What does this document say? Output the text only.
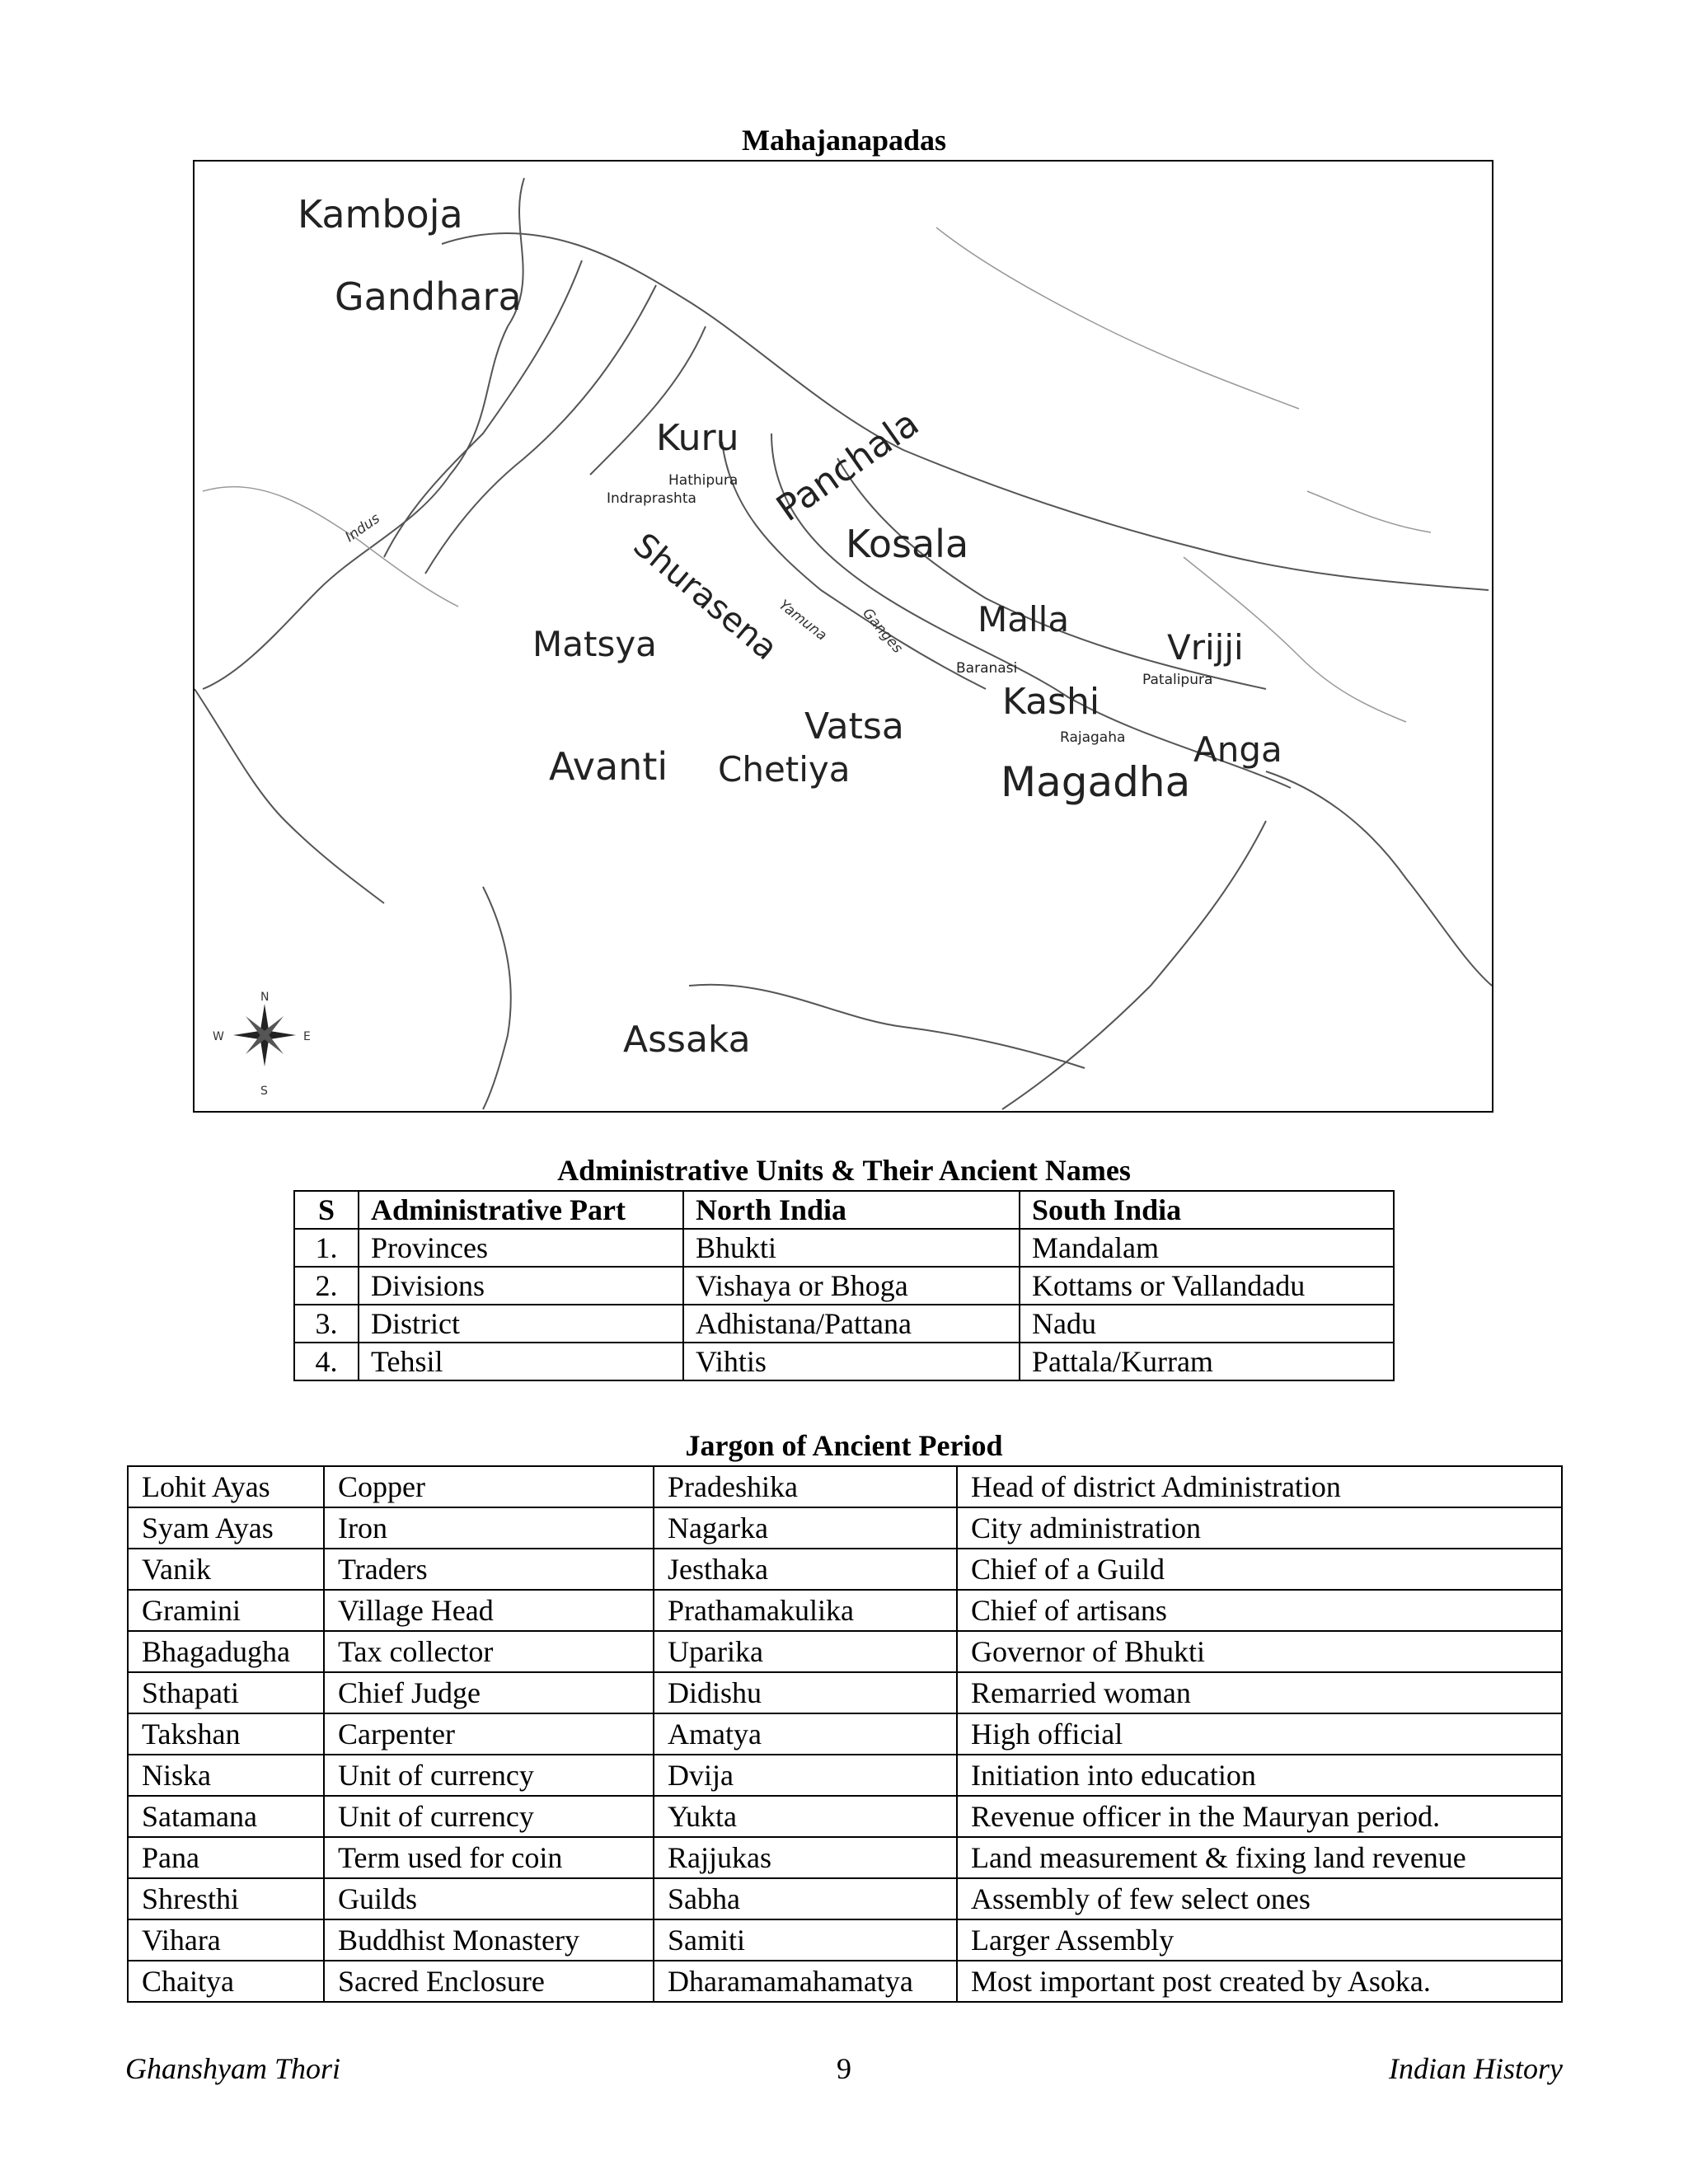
Mahajanapadas
Kamboja
Gandhara
Kuru Panchala
Kosala
Shurasena
Matsya
Malla
Vrijji
Kashi
Vatsa
Anga
Avanti Chetiya	Magadha
Assaka
Hathipura
Indraprashta
Baranasi
Patalipura
Rajagaha
Indus
Yamuna Ganges
N
S
E
W
Administrative Units & Their Ancient Names
S	Administrative Part	North India	South India
1.	Provinces	Bhukti	Mandalam
2.	Divisions	Vishaya or Bhoga	Kottams or Vallandadu
3.	District	Adhistana/Pattana	Nadu
4.	Tehsil	Vihtis	Pattala/Kurram
Jargon of Ancient Period
Lohit Ayas	Copper	Pradeshika	Head of district Administration
Syam Ayas	Iron	Nagarka	City administration
Vanik	Traders	Jesthaka	Chief of a Guild
Gramini	Village Head	Prathamakulika	Chief of artisans
Bhagadugha	Tax collector	Uparika	Governor of Bhukti
Sthapati	Chief Judge	Didishu	Remarried woman
Takshan	Carpenter	Amatya	High official
Niska	Unit of currency	Dvija	Initiation into education
Satamana	Unit of currency	Yukta	Revenue officer in the Mauryan period.
Pana	Term used for coin	Rajjukas	Land measurement & fixing land revenue
Shresthi	Guilds	Sabha	Assembly of few select ones
Vihara	Buddhist Monastery	Samiti	Larger Assembly
Chaitya	Sacred Enclosure	Dharamamahamatya	Most important post created by Asoka.
Ghanshyam Thori	9	Indian History
